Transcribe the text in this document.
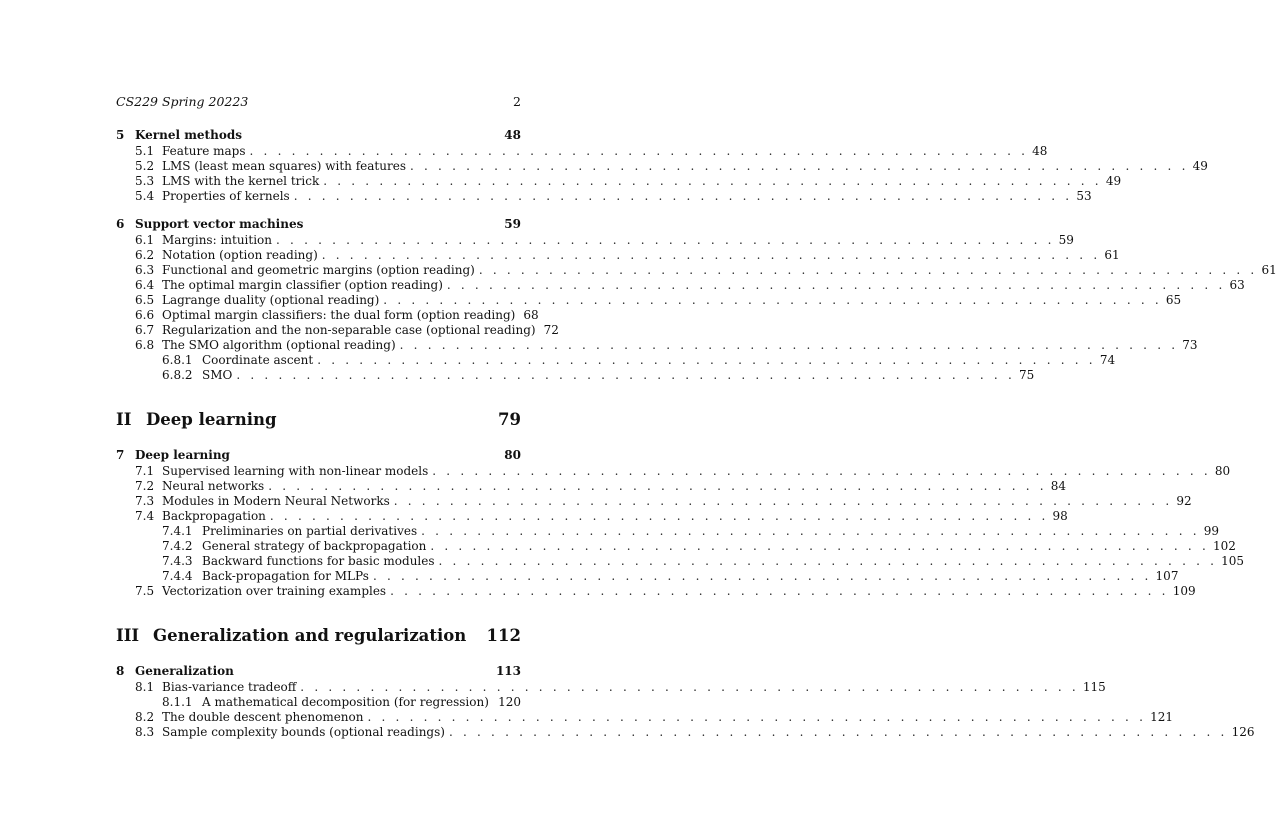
CS229 Spring 20223	2
5 Kernel methods	48
5.1 Feature maps . . . . . . . . . . . . . . . . . . . . . . . . . . . . . . . . . . . . . . . . . . . . . . . . . . . . . . . . 48
5.2 LMS (least mean squares) with features . . . . . . . . . . . . . . . . . . . . . . . . . . . . . . . . . . . . . . . . . . . . . . . . . . . . . . . . 49
5.3 LMS with the kernel trick . . . . . . . . . . . . . . . . . . . . . . . . . . . . . . . . . . . . . . . . . . . . . . . . . . . . . . . . 49
5.4 Properties of kernels . . . . . . . . . . . . . . . . . . . . . . . . . . . . . . . . . . . . . . . . . . . . . . . . . . . . . . . . 53
6 Support vector machines	59
6.1 Margins: intuition . . . . . . . . . . . . . . . . . . . . . . . . . . . . . . . . . . . . . . . . . . . . . . . . . . . . . . . . 59
6.2 Notation (option reading) . . . . . . . . . . . . . . . . . . . . . . . . . . . . . . . . . . . . . . . . . . . . . . . . . . . . . . . . 61
6.3 Functional and geometric margins (option reading) . . . . . . . . . . . . . . . . . . . . . . . . . . . . . . . . . . . . . . . . . . . . . . . . . . . . . . . . 61
6.4 The optimal margin classifier (option reading) . . . . . . . . . . . . . . . . . . . . . . . . . . . . . . . . . . . . . . . . . . . . . . . . . . . . . . . . 63
6.5 Lagrange duality (optional reading) . . . . . . . . . . . . . . . . . . . . . . . . . . . . . . . . . . . . . . . . . . . . . . . . . . . . . . . . 65
6.6 Optimal margin classifiers: the dual form (option reading) 68
6.7 Regularization and the non-separable case (optional reading) 72
6.8 The SMO algorithm (optional reading) . . . . . . . . . . . . . . . . . . . . . . . . . . . . . . . . . . . . . . . . . . . . . . . . . . . . . . . . 73
6.8.1 Coordinate ascent . . . . . . . . . . . . . . . . . . . . . . . . . . . . . . . . . . . . . . . . . . . . . . . . . . . . . . . . 74
6.8.2 SMO . . . . . . . . . . . . . . . . . . . . . . . . . . . . . . . . . . . . . . . . . . . . . . . . . . . . . . . . 75
II Deep learning	79
7 Deep learning	80
7.1 Supervised learning with non-linear models . . . . . . . . . . . . . . . . . . . . . . . . . . . . . . . . . . . . . . . . . . . . . . . . . . . . . . . . 80
7.2 Neural networks . . . . . . . . . . . . . . . . . . . . . . . . . . . . . . . . . . . . . . . . . . . . . . . . . . . . . . . . 84
7.3 Modules in Modern Neural Networks . . . . . . . . . . . . . . . . . . . . . . . . . . . . . . . . . . . . . . . . . . . . . . . . . . . . . . . . 92
7.4 Backpropagation . . . . . . . . . . . . . . . . . . . . . . . . . . . . . . . . . . . . . . . . . . . . . . . . . . . . . . . . 98
7.4.1 Preliminaries on partial derivatives . . . . . . . . . . . . . . . . . . . . . . . . . . . . . . . . . . . . . . . . . . . . . . . . . . . . . . . . 99
7.4.2 General strategy of backpropagation . . . . . . . . . . . . . . . . . . . . . . . . . . . . . . . . . . . . . . . . . . . . . . . . . . . . . . . . 102
7.4.3 Backward functions for basic modules . . . . . . . . . . . . . . . . . . . . . . . . . . . . . . . . . . . . . . . . . . . . . . . . . . . . . . . . 105
7.4.4 Back-propagation for MLPs . . . . . . . . . . . . . . . . . . . . . . . . . . . . . . . . . . . . . . . . . . . . . . . . . . . . . . . . 107
7.5 Vectorization over training examples . . . . . . . . . . . . . . . . . . . . . . . . . . . . . . . . . . . . . . . . . . . . . . . . . . . . . . . . 109
III Generalization and regularization 112
8 Generalization	113
8.1 Bias-variance tradeoff . . . . . . . . . . . . . . . . . . . . . . . . . . . . . . . . . . . . . . . . . . . . . . . . . . . . . . . . 115
8.1.1 A mathematical decomposition (for regression) 120
8.2 The double descent phenomenon . . . . . . . . . . . . . . . . . . . . . . . . . . . . . . . . . . . . . . . . . . . . . . . . . . . . . . . . 121
8.3 Sample complexity bounds (optional readings) . . . . . . . . . . . . . . . . . . . . . . . . . . . . . . . . . . . . . . . . . . . . . . . . . . . . . . . . 126
